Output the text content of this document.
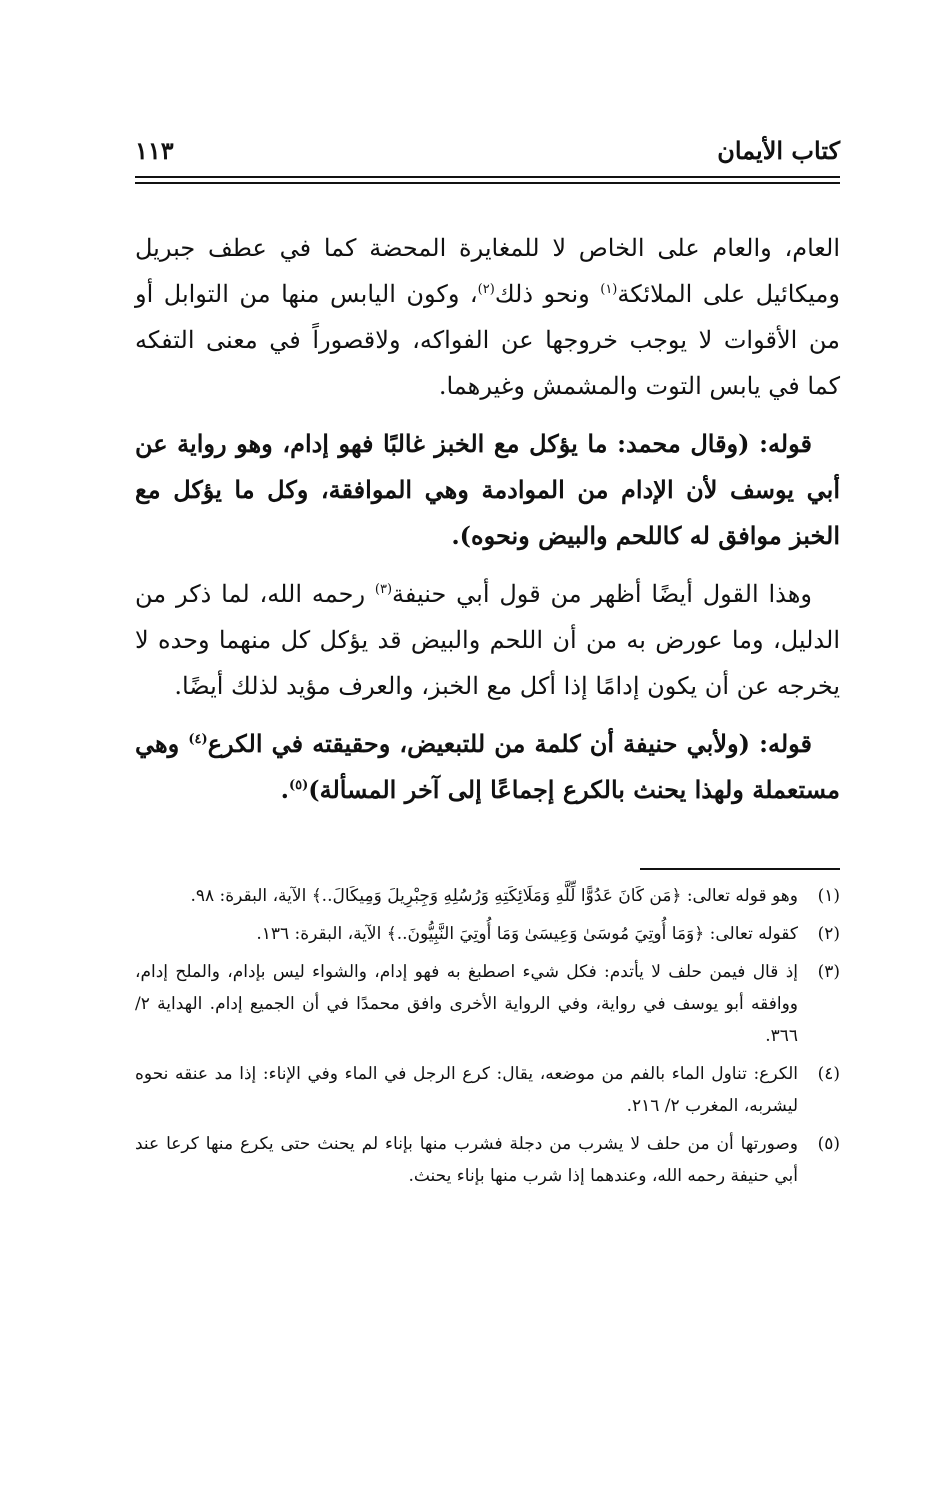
كتاب الأيمان
١١٣

العام، والعام على الخاص لا للمغايرة المحضة كما في عطف جبريل وميكائيل على الملائكة$^{(١)}$ ونحو ذلك$^{(٢)}$، وكون اليابس منها من التوابل أو من الأقوات لا يوجب خروجها عن الفواكه، ولاقصوراً في معنى التفكه كما في يابس التوت والمشمش وغيرهما.

قوله: (وقال محمد: ما يؤكل مع الخبز غالبًا فهو إدام، وهو رواية عن أبي يوسف لأن الإدام من الموادمة وهي الموافقة، وكل ما يؤكل مع الخبز موافق له كاللحم والبيض ونحوه).

وهذا القول أيضًا أظهر من قول أبي حنيفة$^{(٣)}$ رحمه الله، لما ذكر من الدليل، وما عورض به من أن اللحم والبيض قد يؤكل كل منهما وحده لا يخرجه عن أن يكون إدامًا إذا أكل مع الخبز، والعرف مؤيد لذلك أيضًا.

قوله: (ولأبي حنيفة أن كلمة من للتبعيض، وحقيقته في الكرع$^{(٤)}$ وهي مستعملة ولهذا يحنث بالكرع إجماعًا إلى آخر المسألة)$^{(٥)}$.

(١)
وهو قوله تعالى: ﴿مَن كَانَ عَدُوًّا لِّلَّهِ وَمَلَائِكَتِهِ وَرُسُلِهِ وَجِبْرِيلَ وَمِيكَالَ..﴾ الآية، البقرة: ٩٨.
(٢)
كقوله تعالى: ﴿وَمَا أُوتِيَ مُوسَىٰ وَعِيسَىٰ وَمَا أُوتِيَ النَّبِيُّونَ..﴾ الآية، البقرة: ١٣٦.
(٣)
إذ قال فيمن حلف لا يأتدم: فكل شيء اصطبغ به فهو إدام، والشواء ليس بإدام، والملح إدام، ووافقه أبو يوسف في رواية، وفي الرواية الأخرى وافق محمدًا في أن الجميع إدام. الهداية ٢/ ٣٦٦.
(٤)
الكرع: تناول الماء بالفم من موضعه، يقال: كرع الرجل في الماء وفي الإناء: إذا مد عنقه نحوه ليشربه، المغرب ٢/ ٢١٦.
(٥)
وصورتها أن من حلف لا يشرب من دجلة فشرب منها بإناء لم يحنث حتى يكرع منها كرعا عند أبي حنيفة رحمه الله، وعندهما إذا شرب منها بإناء يحنث.
